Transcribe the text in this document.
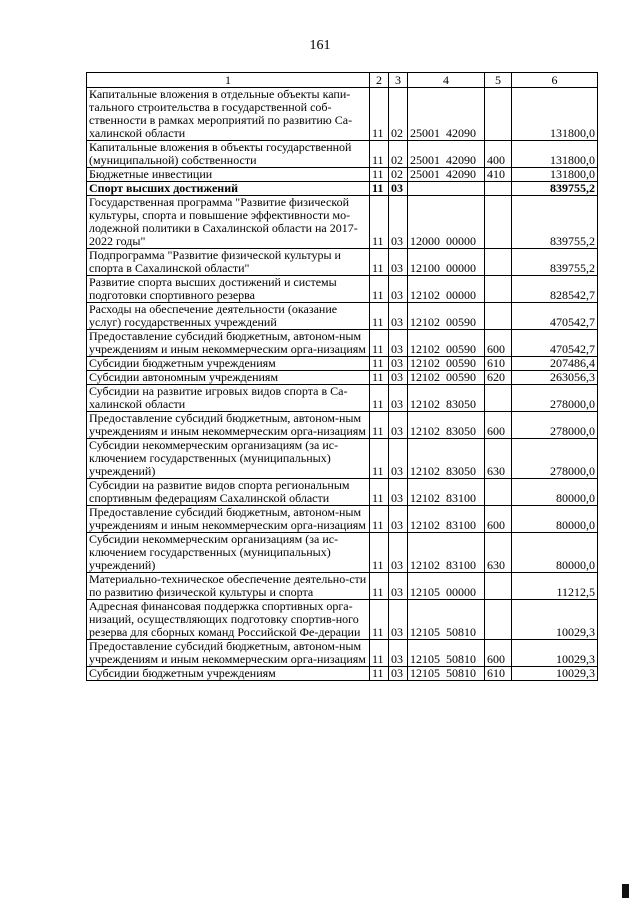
161
1	2	3	4	5	6
Капитальные вложения в отдельные объекты капи-тального строительства в государственной соб-ственности в рамках мероприятий по развитию Са-халинской области	11	02	25001  42090		131800,0
Капитальные вложения в объекты государственной (муниципальной) собственности	11	02	25001  42090	400	131800,0
Бюджетные инвестиции	11	02	25001  42090	410	131800,0
Спорт высших достижений	11	03			839755,2
Государственная программа "Развитие физической культуры, спорта и повышение эффективности мо-лодежной политики в Сахалинской области на 2017-2022 годы"	11	03	12000  00000		839755,2
Подпрограмма "Развитие физической культуры и спорта в Сахалинской области"	11	03	12100  00000		839755,2
Развитие спорта высших достижений и системы подготовки спортивного резерва	11	03	12102  00000		828542,7
Расходы на обеспечение деятельности (оказание услуг) государственных учреждений	11	03	12102  00590		470542,7
Предоставление субсидий бюджетным, автоном-ным учреждениям и иным некоммерческим орга-низациям	11	03	12102  00590	600	470542,7
Субсидии бюджетным учреждениям	11	03	12102  00590	610	207486,4
Субсидии автономным учреждениям	11	03	12102  00590	620	263056,3
Субсидии на развитие игровых видов спорта в Са-халинской области	11	03	12102  83050		278000,0
Предоставление субсидий бюджетным, автоном-ным учреждениям и иным некоммерческим орга-низациям	11	03	12102  83050	600	278000,0
Субсидии некоммерческим организациям (за ис-ключением государственных (муниципальных) учреждений)	11	03	12102  83050	630	278000,0
Субсидии на развитие видов спорта региональным спортивным федерациям Сахалинской области	11	03	12102  83100		80000,0
Предоставление субсидий бюджетным, автоном-ным учреждениям и иным некоммерческим орга-низациям	11	03	12102  83100	600	80000,0
Субсидии некоммерческим организациям (за ис-ключением государственных (муниципальных) учреждений)	11	03	12102  83100	630	80000,0
Материально-техническое обеспечение деятельно-сти по развитию физической культуры и спорта	11	03	12105  00000		11212,5
Адресная финансовая поддержка спортивных орга-низаций, осуществляющих подготовку спортив-ного резерва для сборных команд Российской Фе-дерации	11	03	12105  50810		10029,3
Предоставление субсидий бюджетным, автоном-ным учреждениям и иным некоммерческим орга-низациям	11	03	12105  50810	600	10029,3
Субсидии бюджетным учреждениям	11	03	12105  50810	610	10029,3
